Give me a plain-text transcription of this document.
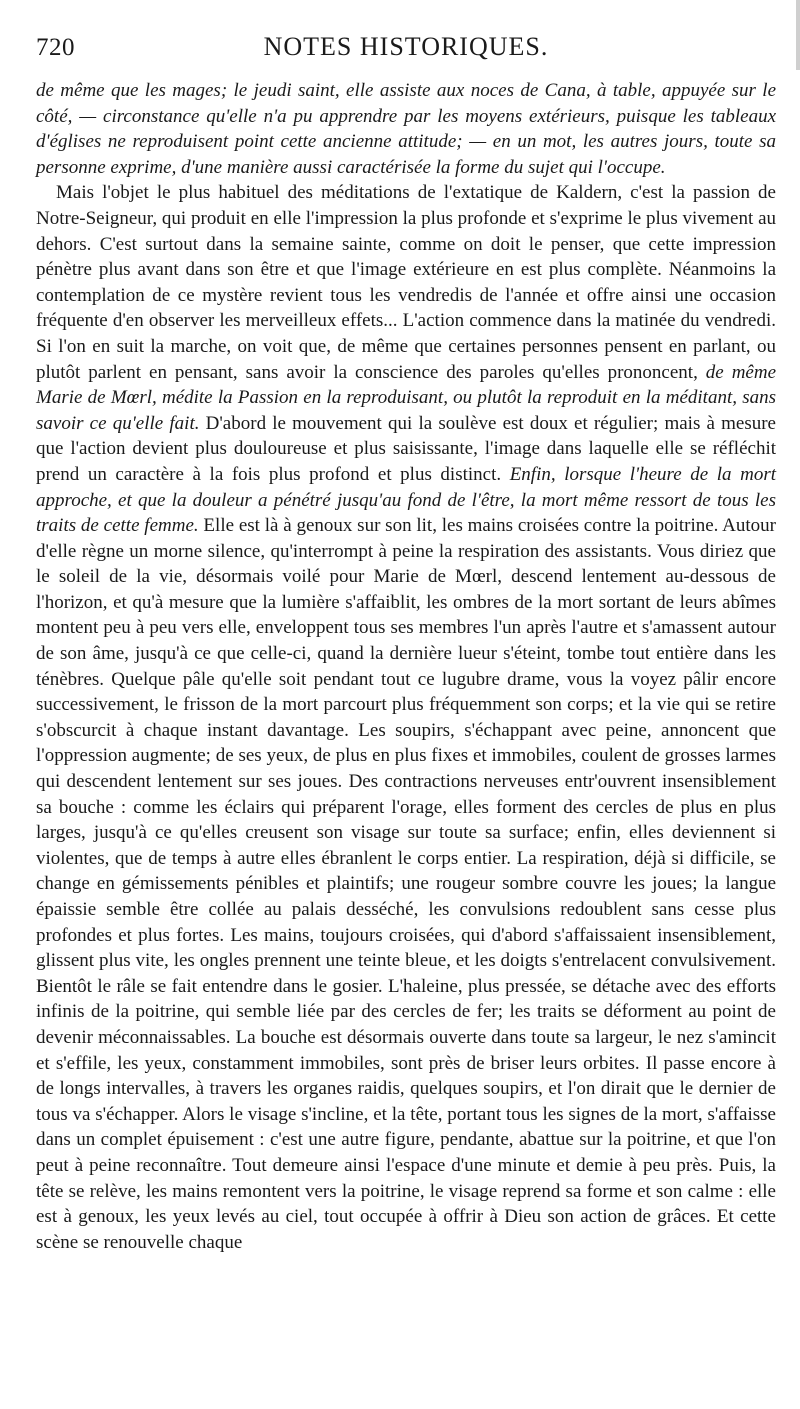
720	NOTES HISTORIQUES.

de même que les mages; le jeudi saint, elle assiste aux noces de Cana, à table, appuyée sur le côté, — circonstance qu'elle n'a pu apprendre par les moyens extérieurs, puisque les tableaux d'églises ne reproduisent point cette ancienne attitude; — en un mot, les autres jours, toute sa personne exprime, d'une manière aussi caractérisée la forme du sujet qui l'occupe.

Mais l'objet le plus habituel des méditations de l'extatique de Kaldern, c'est la passion de Notre-Seigneur, qui produit en elle l'impression la plus profonde et s'exprime le plus vivement au dehors. C'est surtout dans la semaine sainte, comme on doit le penser, que cette impression pénètre plus avant dans son être et que l'image extérieure en est plus complète. Néanmoins la contemplation de ce mystère revient tous les vendredis de l'année et offre ainsi une occasion fréquente d'en observer les merveilleux effets... L'action commence dans la matinée du vendredi. Si l'on en suit la marche, on voit que, de même que certaines personnes pensent en parlant, ou plutôt parlent en pensant, sans avoir la conscience des paroles qu'elles prononcent, de même Marie de Mœrl, médite la Passion en la reproduisant, ou plutôt la reproduit en la méditant, sans savoir ce qu'elle fait. D'abord le mouvement qui la soulève est doux et régulier; mais à mesure que l'action devient plus douloureuse et plus saisissante, l'image dans laquelle elle se réfléchit prend un caractère à la fois plus profond et plus distinct. Enfin, lorsque l'heure de la mort approche, et que la douleur a pénétré jusqu'au fond de l'être, la mort même ressort de tous les traits de cette femme. Elle est là à genoux sur son lit, les mains croisées contre la poitrine. Autour d'elle règne un morne silence, qu'interrompt à peine la respiration des assistants. Vous diriez que le soleil de la vie, désormais voilé pour Marie de Mœrl, descend lentement au-dessous de l'horizon, et qu'à mesure que la lumière s'affaiblit, les ombres de la mort sortant de leurs abîmes montent peu à peu vers elle, enveloppent tous ses membres l'un après l'autre et s'amassent autour de son âme, jusqu'à ce que celle-ci, quand la dernière lueur s'éteint, tombe tout entière dans les ténèbres. Quelque pâle qu'elle soit pendant tout ce lugubre drame, vous la voyez pâlir encore successivement, le frisson de la mort parcourt plus fréquemment son corps; et la vie qui se retire s'obscurcit à chaque instant davantage. Les soupirs, s'échappant avec peine, annoncent que l'oppression augmente; de ses yeux, de plus en plus fixes et immobiles, coulent de grosses larmes qui descendent lentement sur ses joues. Des contractions nerveuses entr'ouvrent insensiblement sa bouche : comme les éclairs qui préparent l'orage, elles forment des cercles de plus en plus larges, jusqu'à ce qu'elles creusent son visage sur toute sa surface; enfin, elles deviennent si violentes, que de temps à autre elles ébranlent le corps entier. La respiration, déjà si difficile, se change en gémissements pénibles et plaintifs; une rougeur sombre couvre les joues; la langue épaissie semble être collée au palais desséché, les convulsions redoublent sans cesse plus profondes et plus fortes. Les mains, toujours croisées, qui d'abord s'affaissaient insensiblement, glissent plus vite, les ongles prennent une teinte bleue, et les doigts s'entrelacent convulsivement. Bientôt le râle se fait entendre dans le gosier. L'haleine, plus pressée, se détache avec des efforts infinis de la poitrine, qui semble liée par des cercles de fer; les traits se déforment au point de devenir méconnaissables. La bouche est désormais ouverte dans toute sa largeur, le nez s'amincit et s'effile, les yeux, constamment immobiles, sont près de briser leurs orbites. Il passe encore à de longs intervalles, à travers les organes raidis, quelques soupirs, et l'on dirait que le dernier de tous va s'échapper. Alors le visage s'incline, et la tête, portant tous les signes de la mort, s'affaisse dans un complet épuisement : c'est une autre figure, pendante, abattue sur la poitrine, et que l'on peut à peine reconnaître. Tout demeure ainsi l'espace d'une minute et demie à peu près. Puis, la tête se relève, les mains remontent vers la poitrine, le visage reprend sa forme et son calme : elle est à genoux, les yeux levés au ciel, tout occupée à offrir à Dieu son action de grâces. Et cette scène se renouvelle chaque
